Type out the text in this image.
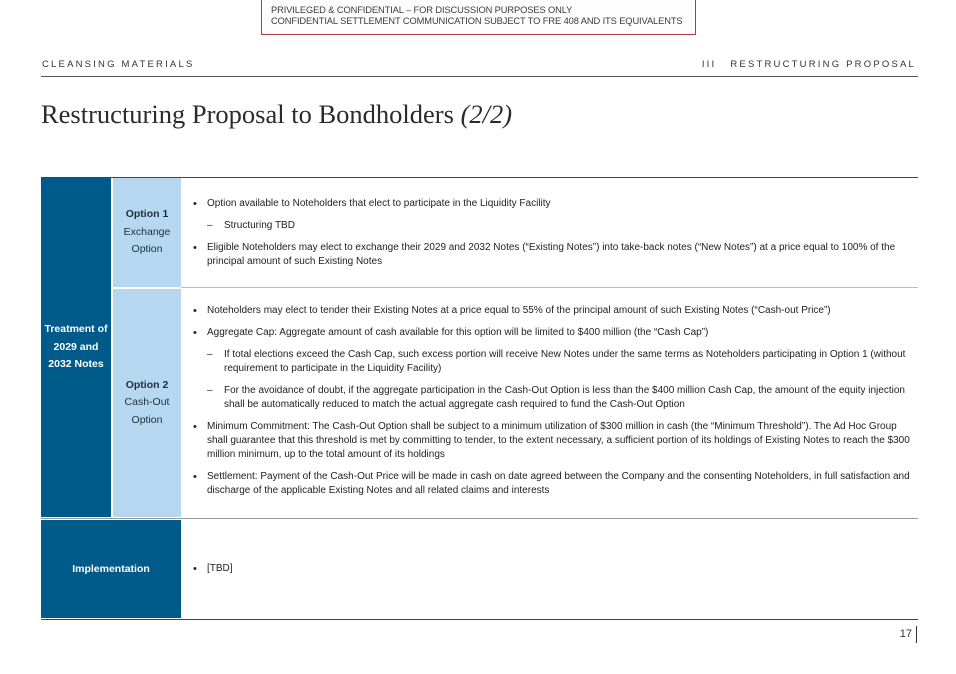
PRIVILEGED & CONFIDENTIAL – FOR DISCUSSION PURPOSES ONLY
CONFIDENTIAL SETTLEMENT COMMUNICATION SUBJECT TO FRE 408 AND ITS EQUIVALENTS
CLEANSING MATERIALS	III RESTRUCTURING PROPOSAL
Restructuring Proposal to Bondholders (2/2)
Treatment of 2029 and 2032 Notes
Option 1
Exchange
Option
• Option available to Noteholders that elect to participate in the Liquidity Facility
– Structuring TBD
• Eligible Noteholders may elect to exchange their 2029 and 2032 Notes (“Existing Notes”) into take-back notes (“New Notes”) at a price equal to 100% of the principal amount of such Existing Notes
Option 2
Cash-Out
Option
• Noteholders may elect to tender their Existing Notes at a price equal to 55% of the principal amount of such Existing Notes (“Cash-out Price”)
• Aggregate Cap: Aggregate amount of cash available for this option will be limited to $400 million (the “Cash Cap”)
– If total elections exceed the Cash Cap, such excess portion will receive New Notes under the same terms as Noteholders participating in Option 1 (without requirement to participate in the Liquidity Facility)
– For the avoidance of doubt, if the aggregate participation in the Cash-Out Option is less than the $400 million Cash Cap, the amount of the equity injection shall be automatically reduced to match the actual aggregate cash required to fund the Cash-Out Option
• Minimum Commitment: The Cash-Out Option shall be subject to a minimum utilization of $300 million in cash (the “Minimum Threshold”). The Ad Hoc Group shall guarantee that this threshold is met by committing to tender, to the extent necessary, a sufficient portion of its holdings of Existing Notes to reach the $300 million minimum, up to the total amount of its holdings
• Settlement: Payment of the Cash-Out Price will be made in cash on date agreed between the Company and the consenting Noteholders, in full satisfaction and discharge of the applicable Existing Notes and all related claims and interests
Implementation
•	[TBD]
17
